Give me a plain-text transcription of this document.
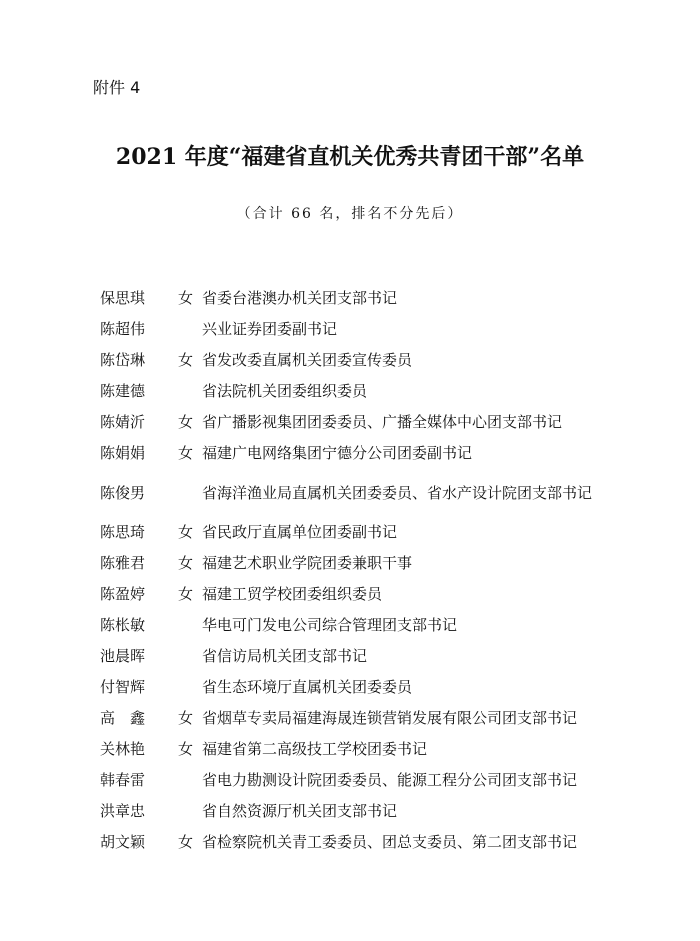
附件 4
2021 年度“福建省直机关优秀共青团干部”名单
（合计 66 名，排名不分先后）
保思琪	女 省委台港澳办机关团支部书记
陈超伟	兴业证券团委副书记
陈岱琳	女 省发改委直属机关团委宣传委员
陈建德	省法院机关团委组织委员
陈婧沂	女 省广播影视集团团委委员、广播全媒体中心团支部书记
陈娟娟	女 福建广电网络集团宁德分公司团委副书记
陈俊男	省海洋渔业局直属机关团委委员、省水产设计院团支部书记
陈思琦	女 省民政厅直属单位团委副书记
陈雅君	女 福建艺术职业学院团委兼职干事
陈盈婷	女 福建工贸学校团委组织委员
陈枨敏	华电可门发电公司综合管理团支部书记
池晨晖	省信访局机关团支部书记
付智辉	省生态环境厅直属机关团委委员
高　鑫	女 省烟草专卖局福建海晟连锁营销发展有限公司团支部书记
关林艳	女 福建省第二高级技工学校团委书记
韩春雷	省电力勘测设计院团委委员、能源工程分公司团支部书记
洪章忠	省自然资源厅机关团支部书记
胡文颖	女 省检察院机关青工委委员、团总支委员、第二团支部书记
